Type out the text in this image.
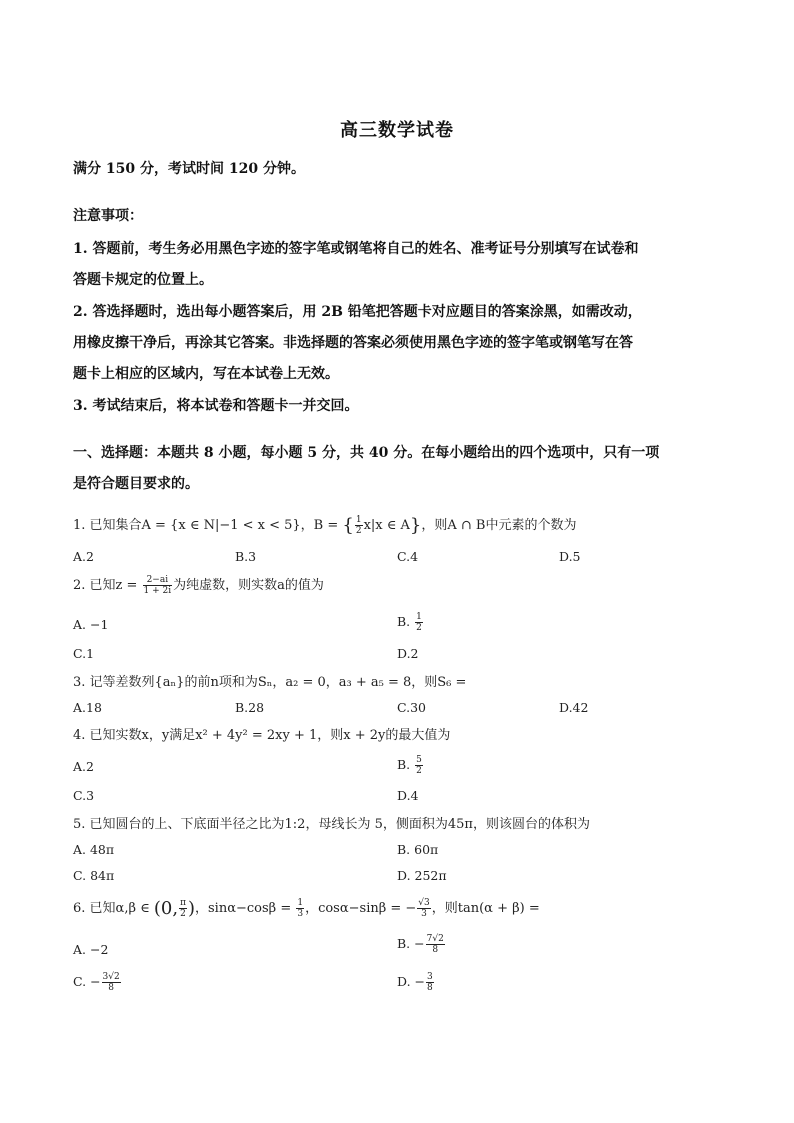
高三数学试卷
满分 150 分，考试时间 120 分钟。
注意事项：
1. 答题前，考生务必用黑色字迹的签字笔或钢笔将自己的姓名、准考证号分别填写在试卷和
答题卡规定的位置上。
2. 答选择题时，选出每小题答案后，用 2B 铅笔把答题卡对应题目的答案涂黑，如需改动，
用橡皮擦干净后，再涂其它答案。非选择题的答案必须使用黑色字迹的签字笔或钢笔写在答
题卡上相应的区域内，写在本试卷上无效。
3. 考试结束后，将本试卷和答题卡一并交回。
一、选择题：本题共 8 小题，每小题 5 分，共 40 分。在每小题给出的四个选项中，只有一项
是符合题目要求的。
1. 已知集合A = {x ∈ N|−1 < x < 5}，B = { $\frac{1}{2} x|x$ ∈ A}，则A ∩ B中元素的个数为
A.2	B.3	C.4	D.5
2. 已知$z = \frac{2-ai}{1 + 2i}$ 为纯虚数，则实数a的值为
A. −1	B. $\frac{1}{2}$
C.1	D.2
3. 记等差数列{aₙ}的前n项和为Sₙ，a₂ = 0，a₃ + a₅ = 8，则S₆ =
A.18	B.28	C.30	D.42
4. 已知实数x，y满足x² + 4y² = 2xy + 1，则x + 2y的最大值为
A.2	B. $\frac{5}{2}$
C.3	D.4
5. 已知圆台的上、下底面半径之比为1:2，母线长为 5，侧面积为45π，则该圆台的体积为
A. 48π	B. 60π
C. 84π	D. 252π
6. 已知α,β ∈ (0, $\frac{\pi}{2}$ )，$\sin\alpha-\cos\beta = \frac{1}{3}$ ，cosα−sinβ = − $\frac{√3}{3}$ ，则tan(α + β) =
A. −2	B. − $\frac{7√2}{8}$
C. − $\frac{3√2}{8}$	D. − $\frac{3}{8}$
